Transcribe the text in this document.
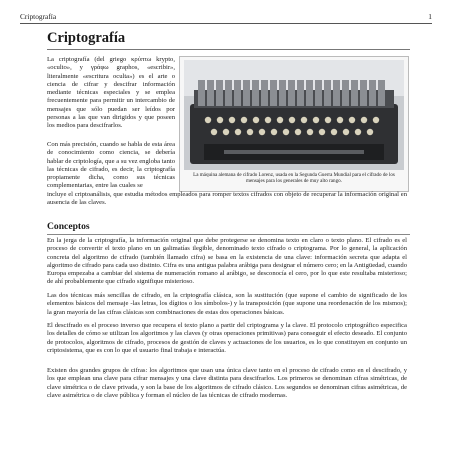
Criptografía	1
Criptografía

La criptografía (del griego κρύπτω krypto, «oculto», y γράφω graphos, «escribir», literalmente «escritura oculta») es el arte o ciencia de cifrar y descifrar información mediante técnicas especiales y se emplea frecuentemente para permitir un intercambio de mensajes que sólo puedan ser leídos por personas a las que van dirigidos y que poseen los medios para descifrarlos.

Con más precisión, cuando se habla de esta área de conocimiento como ciencia, se debería hablar de criptología, que a su vez engloba tanto las técnicas de cifrado, es decir, la criptografía propiamente dicha, como sus técnicas complementarias, entre las cuales se

La máquina alemana de cifrado Lorenz, usada en la Segunda Guerra Mundial para el cifrado de los mensajes para los generales de muy alto rango.

incluye el criptoanálisis, que estudia métodos empleados para romper textos cifrados con objeto de recuperar la información original en ausencia de las claves.

Conceptos

En la jerga de la criptografía, la información original que debe protegerse se denomina texto en claro o texto plano. El cifrado es el proceso de convertir el texto plano en un galimatías ilegible, denominado texto cifrado o criptograma. Por lo general, la aplicación concreta del algoritmo de cifrado (también llamado cifra) se basa en la existencia de una clave: información secreta que adapta el algoritmo de cifrado para cada uso distinto. Cifra es una antigua palabra arábiga para designar el número cero; en la Antigüedad, cuando Europa empezaba a cambiar del sistema de numeración romano al arábigo, se desconocía el cero, por lo que este resultaba misterioso; de ahí probablemente que cifrado signifique misterioso.

Las dos técnicas más sencillas de cifrado, en la criptografía clásica, son la sustitución (que supone el cambio de significado de los elementos básicos del mensaje -las letras, los dígitos o los símbolos-) y la transposición (que supone una reordenación de los mismos); la gran mayoría de las cifras clásicas son combinaciones de estas dos operaciones básicas.

El descifrado es el proceso inverso que recupera el texto plano a partir del criptograma y la clave. El protocolo criptográfico especifica los detalles de cómo se utilizan los algoritmos y las claves (y otras operaciones primitivas) para conseguir el efecto deseado. El conjunto de protocolos, algoritmos de cifrado, procesos de gestión de claves y actuaciones de los usuarios, es lo que constituyen en conjunto un criptosistema, que es con lo que el usuario final trabaja e interactúa.

Existen dos grandes grupos de cifras: los algoritmos que usan una única clave tanto en el proceso de cifrado como en el descifrado, y los que emplean una clave para cifrar mensajes y una clave distinta para descifrarlos. Los primeros se denominan cifras simétricas, de clave simétrica o de clave privada, y son la base de los algoritmos de cifrado clásico. Los segundos se denominan cifras asimétricas, de clave asimétrica o de clave pública y forman el núcleo de las técnicas de cifrado modernas.
